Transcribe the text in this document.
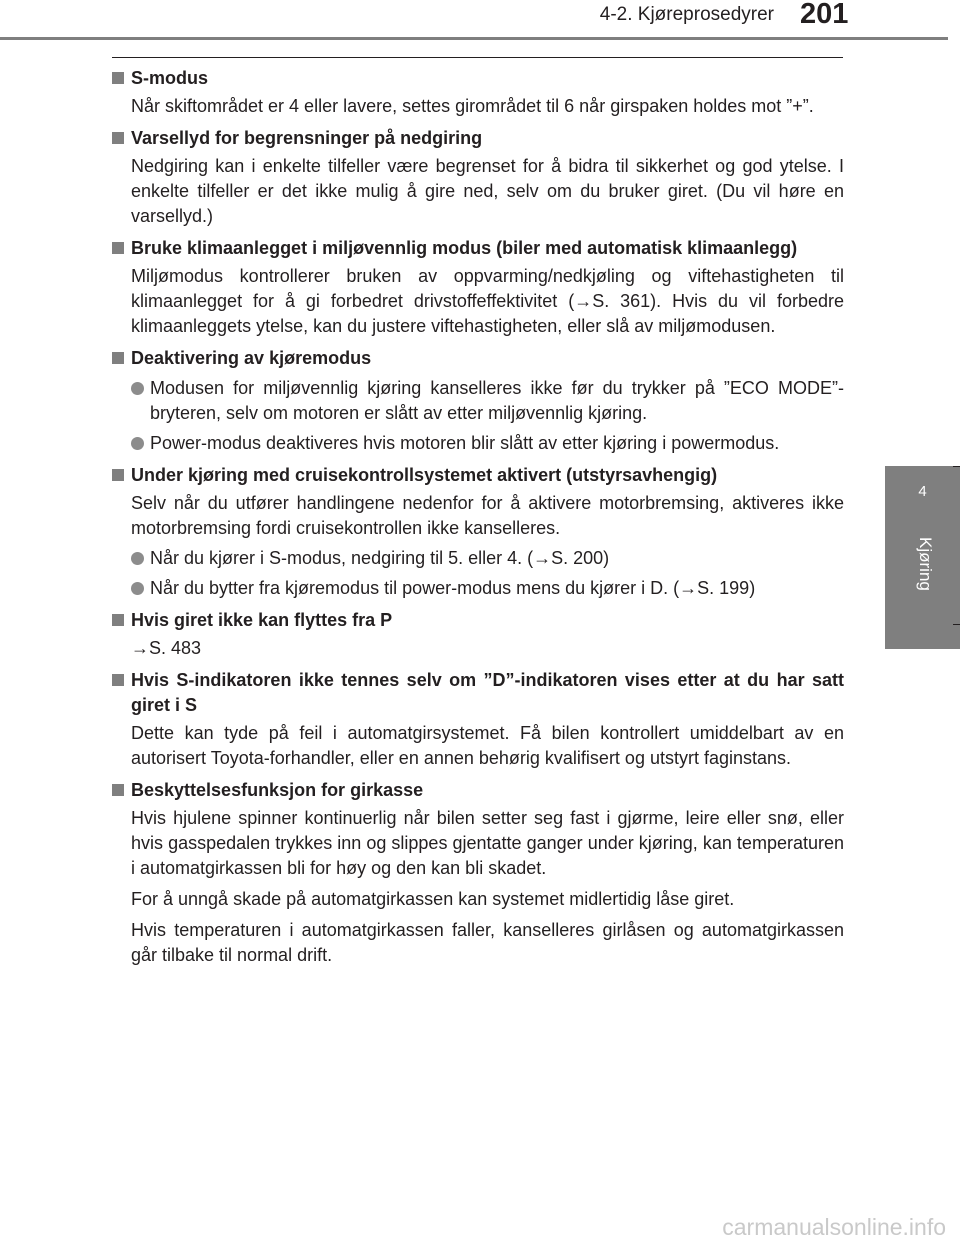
4-2. Kjøreprosedyrer 201
4
Kjøring
S-modus
Når skiftområdet er 4 eller lavere, settes girområdet til 6 når girspaken holdes mot ”+”.
Varsellyd for begrensninger på nedgiring
Nedgiring kan i enkelte tilfeller være begrenset for å bidra til sikkerhet og god ytelse. I enkelte tilfeller er det ikke mulig å gire ned, selv om du bruker giret. (Du vil høre en varsellyd.)
Bruke klimaanlegget i miljøvennlig modus (biler med automatisk klimaanlegg)
Miljømodus kontrollerer bruken av oppvarming/nedkjøling og viftehastigheten til klimaanlegget for å gi forbedret drivstoffeffektivitet (→S. 361). Hvis du vil forbedre klimaanleggets ytelse, kan du justere viftehastigheten, eller slå av miljømodusen.
Deaktivering av kjøremodus
Modusen for miljøvennlig kjøring kanselleres ikke før du trykker på ”ECO MODE”-bryteren, selv om motoren er slått av etter miljøvennlig kjøring.
Power-modus deaktiveres hvis motoren blir slått av etter kjøring i powermodus.
Under kjøring med cruisekontrollsystemet aktivert (utstyrsavhengig)
Selv når du utfører handlingene nedenfor for å aktivere motorbremsing, aktiveres ikke motorbremsing fordi cruisekontrollen ikke kanselleres.
Når du kjører i S-modus, nedgiring til 5. eller 4. (→S. 200)
Når du bytter fra kjøremodus til power-modus mens du kjører i D. (→S. 199)
Hvis giret ikke kan flyttes fra P
→S. 483
Hvis S-indikatoren ikke tennes selv om ”D”-indikatoren vises etter at du har satt giret i S
Dette kan tyde på feil i automatgirsystemet. Få bilen kontrollert umiddelbart av en autorisert Toyota-forhandler, eller en annen behørig kvalifisert og utstyrt faginstans.
Beskyttelsesfunksjon for girkasse
Hvis hjulene spinner kontinuerlig når bilen setter seg fast i gjørme, leire eller snø, eller hvis gasspedalen trykkes inn og slippes gjentatte ganger under kjøring, kan temperaturen i automatgirkassen bli for høy og den kan bli skadet.
For å unngå skade på automatgirkassen kan systemet midlertidig låse giret.
Hvis temperaturen i automatgirkassen faller, kanselleres girlåsen og automatgirkassen går tilbake til normal drift.
carmanualsonline.info
